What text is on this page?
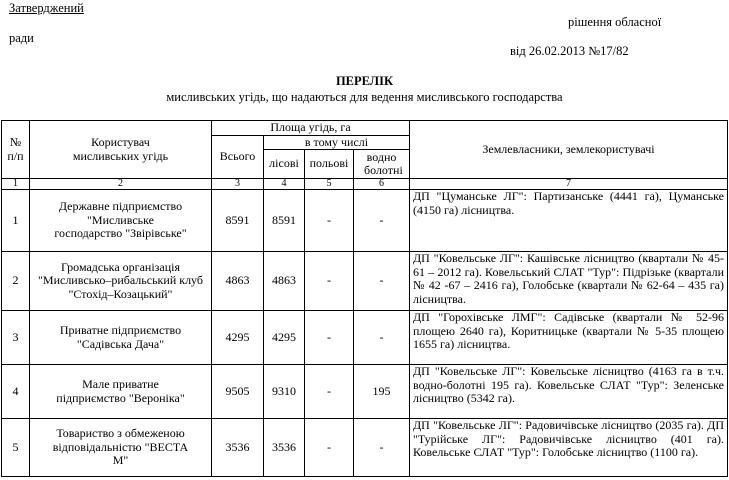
Затверджений
рішення обласної
ради
від 26.02.2013 №17/82
ПЕРЕЛІК
мисливських угідь, що надаються для ведення мисливського господарства
№ п/п	Користувач мисливських угідь	Площа угідь, га				Землевласники, землекористувачі
		Всього	в тому числі			
			лісові	польові	водно болотні	
1	2	3	4	5	6	7
1	Державне підприємство "Мисливське господарство "Звірівське"	8591	8591	-	-	ДП "Цуманське ЛГ": Партизанське (4441 га), Цуманське (4150 га) лісництва.

2	Громадська організація "Мисливсько–рибальський клуб "Стохід–Козацький"	4863	4863	-	-	ДП "Ковельське ЛГ": Кашівське лісництво (квартали № 45-61 – 2012 га). Ковельський СЛАТ "Тур": Підрізьке (квартали № 42 -67 – 2416 га), Голобське (квартали № 62-64 – 435 га) лісництва.

3	Приватне підприємство "Садівська Дача"	4295	4295	-	-	ДП "Горохівське ЛМГ": Садівське (квартали № 52-96 площею 2640 га), Коритницьке (квартали № 5-35 площею 1655 га) лісництва.

4	Мале приватне підприємство "Вероніка"	9505	9310	-	195	ДП "Ковельське ЛГ": Ковельське лісництво (4163 га в т.ч. водно-болотні 195 га). Ковельське СЛАТ "Тур": Зеленське лісництво (5342 га).

5	Товариство з обмеженою відповідальністю "ВЕСТА М"	3536	3536	-	-	ДП "Ковельське ЛГ": Радовичівське лісництво (2035 га). ДП "Турійське ЛГ": Радовичівське лісництво (401 га). Ковельське СЛАТ "Тур": Голобське лісництво (1100 га).
